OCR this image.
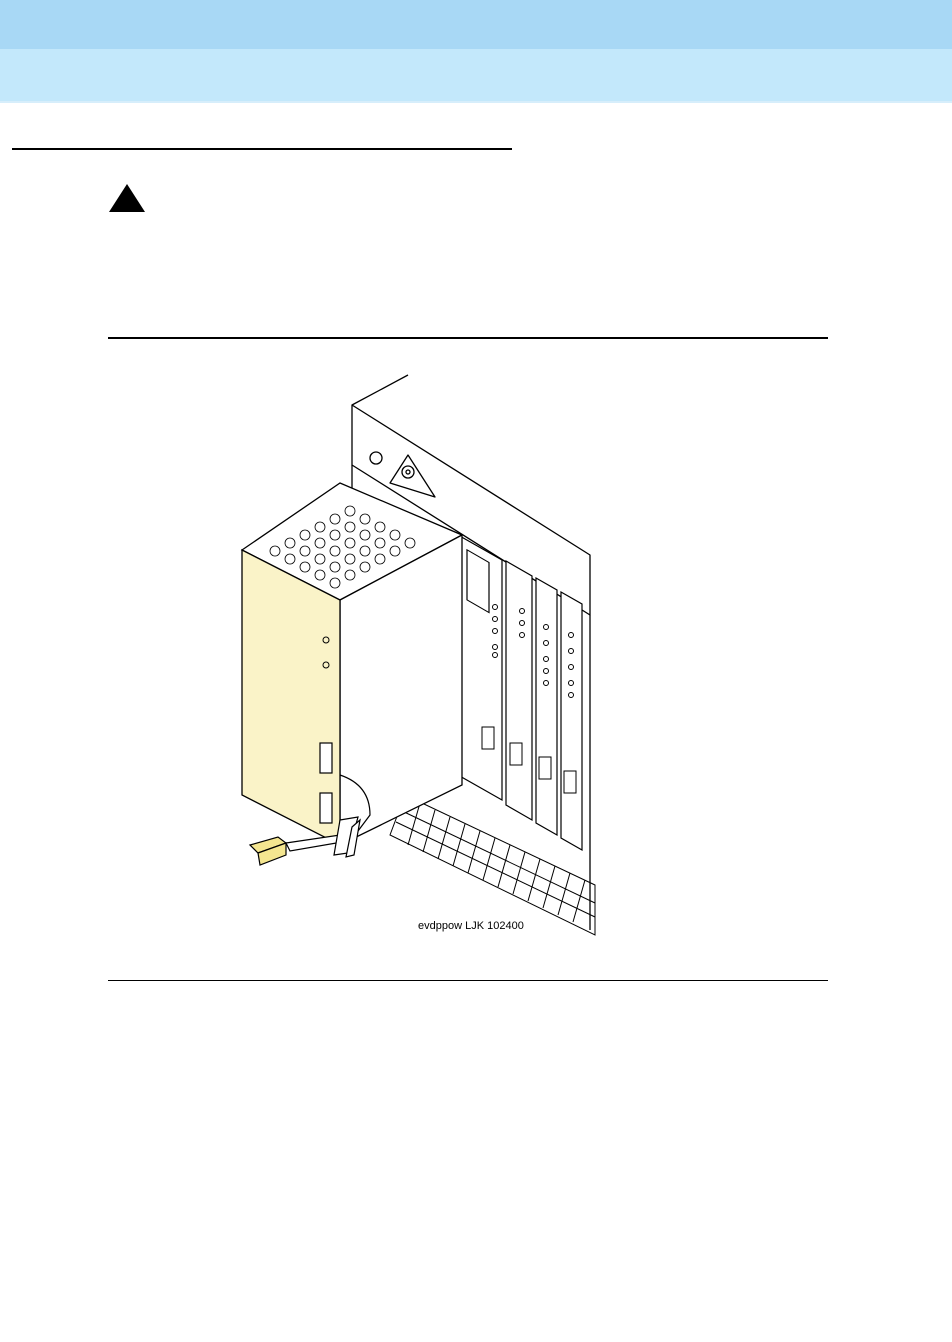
evdppow LJK 102400
